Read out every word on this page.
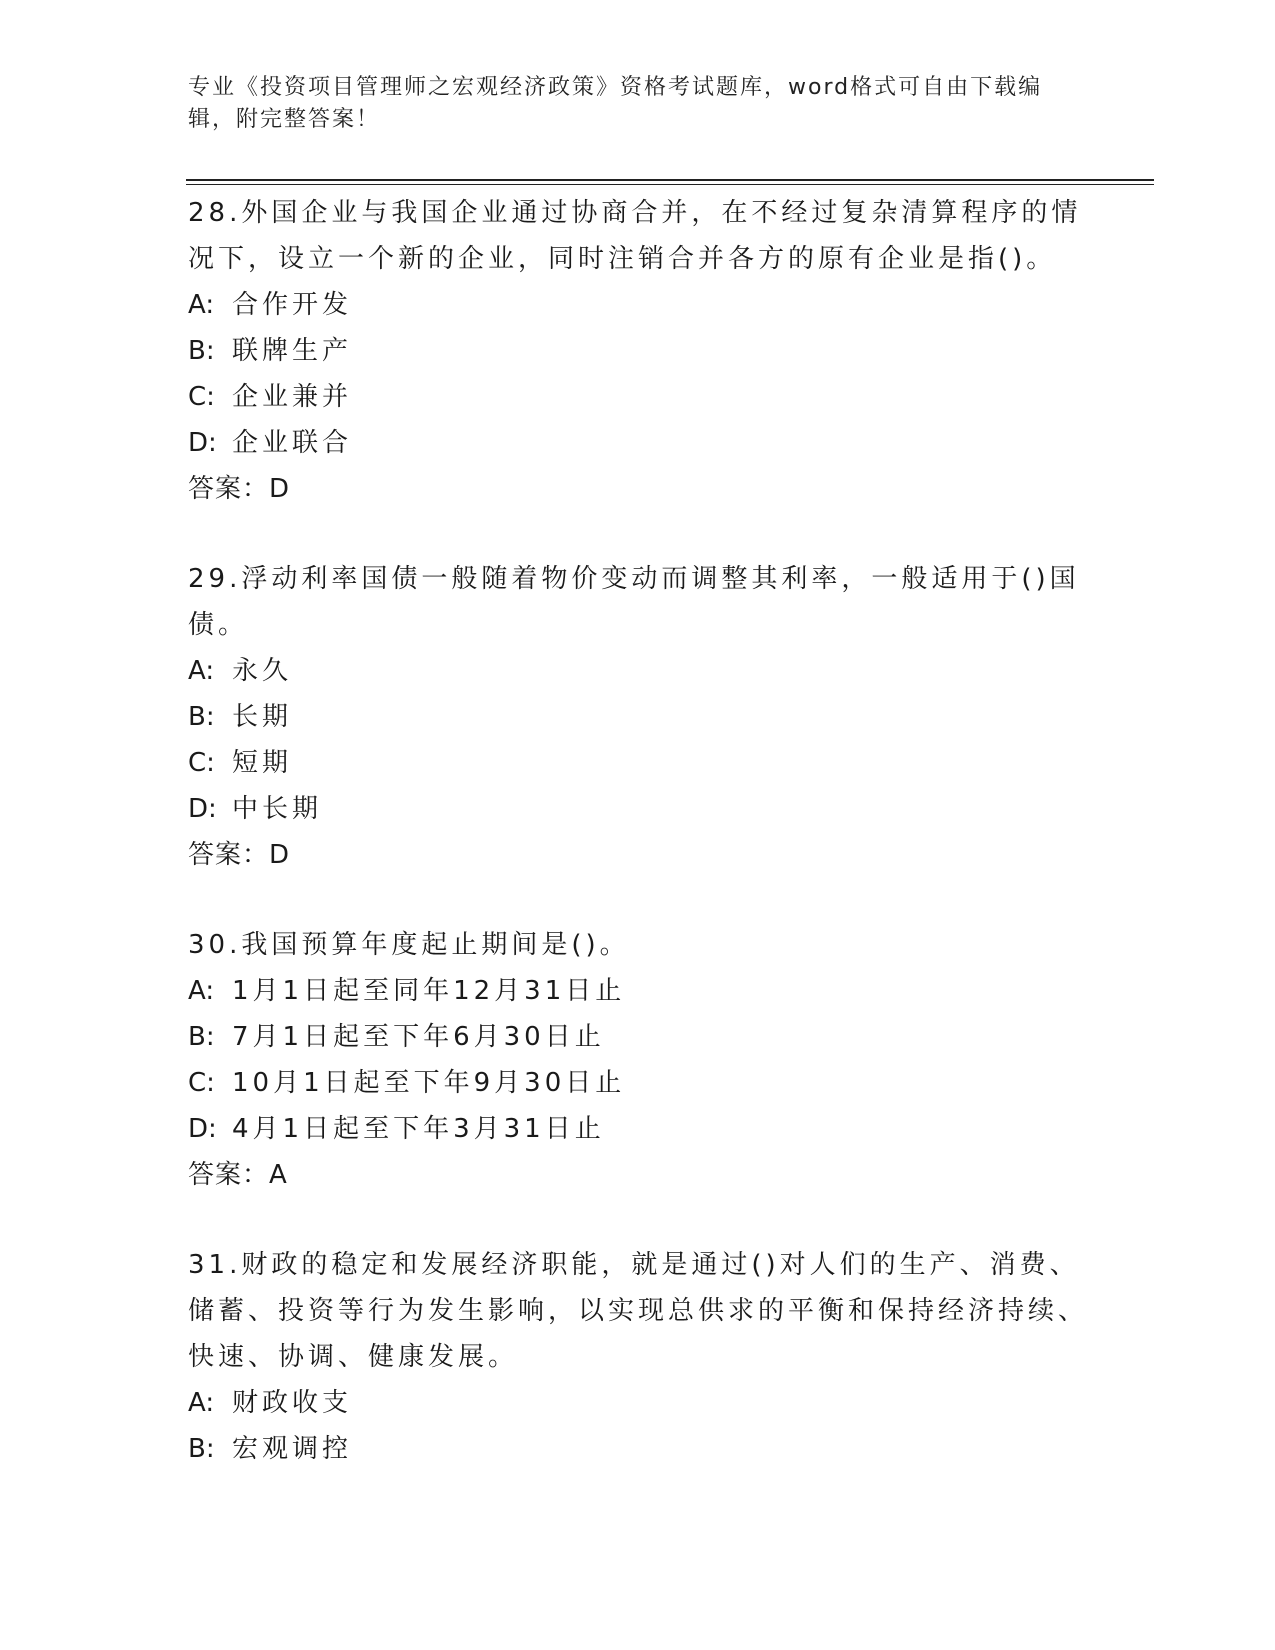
专业《投资项目管理师之宏观经济政策》资格考试题库，word格式可自由下载编辑，附完整答案！
28.外国企业与我国企业通过协商合并，在不经过复杂清算程序的情况下，设立一个新的企业，同时注销合并各方的原有企业是指()。
A: 合作开发
B: 联牌生产
C: 企业兼并
D: 企业联合
答案：D
29.浮动利率国债一般随着物价变动而调整其利率，一般适用于()国债。
A: 永久
B: 长期
C: 短期
D: 中长期
答案：D
30.我国预算年度起止期间是()。
A: 1月1日起至同年12月31日止
B: 7月1日起至下年6月30日止
C: 10月1日起至下年9月30日止
D: 4月1日起至下年3月31日止
答案：A
31.财政的稳定和发展经济职能，就是通过()对人们的生产、消费、储蓄、投资等行为发生影响，以实现总供求的平衡和保持经济持续、快速、协调、健康发展。
A: 财政收支
B: 宏观调控
